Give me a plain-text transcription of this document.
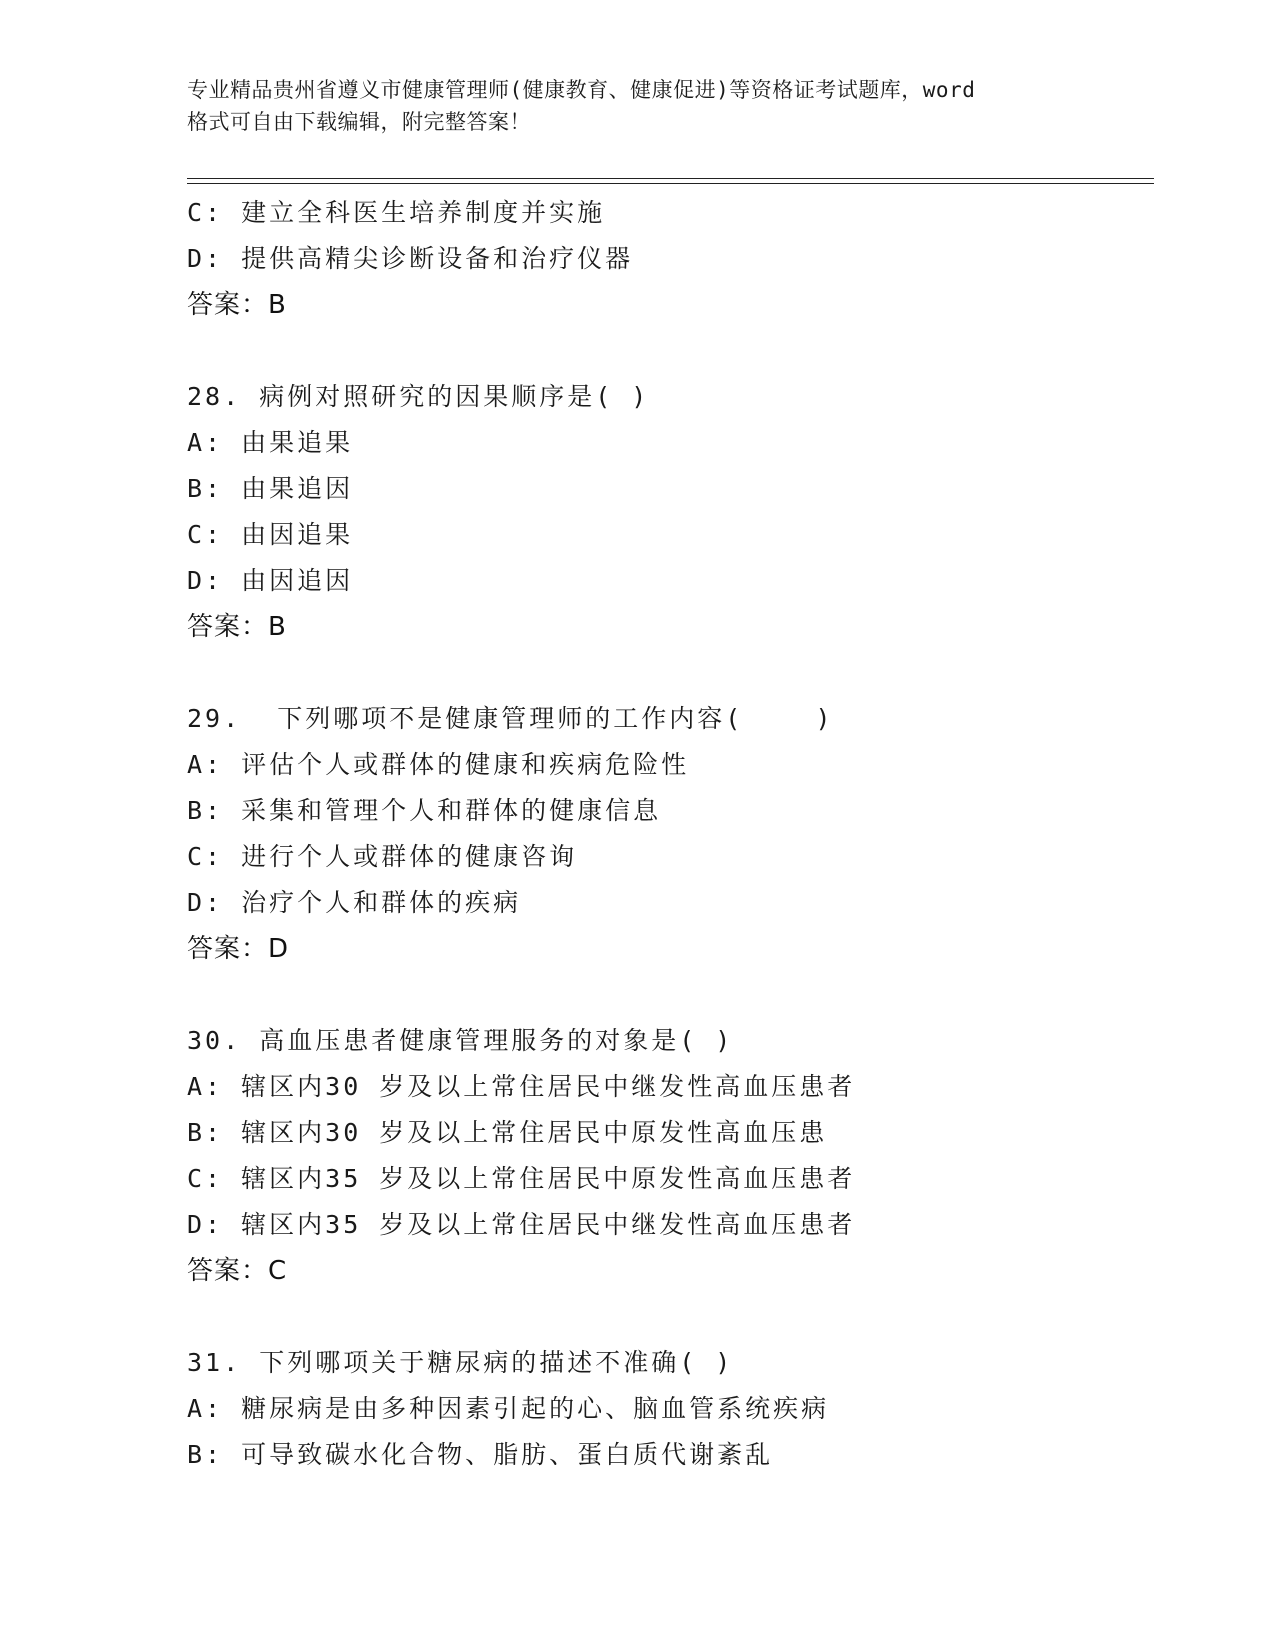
专业精品贵州省遵义市健康管理师(健康教育、健康促进)等资格证考试题库，word
格式可自由下载编辑，附完整答案！
C: 建立全科医生培养制度并实施
D: 提供高精尖诊断设备和治疗仪器
答案：B
28. 病例对照研究的因果顺序是( )
A: 由果追果
B: 由果追因
C: 由因追果
D: 由因追因
答案：B
29.  下列哪项不是健康管理师的工作内容(    )
A: 评估个人或群体的健康和疾病危险性
B: 采集和管理个人和群体的健康信息
C: 进行个人或群体的健康咨询
D: 治疗个人和群体的疾病
答案：D
30. 高血压患者健康管理服务的对象是( )
A: 辖区内30 岁及以上常住居民中继发性高血压患者
B: 辖区内30 岁及以上常住居民中原发性高血压患
C: 辖区内35 岁及以上常住居民中原发性高血压患者
D: 辖区内35 岁及以上常住居民中继发性高血压患者
答案：C
31. 下列哪项关于糖尿病的描述不准确( )
A: 糖尿病是由多种因素引起的心、脑血管系统疾病
B: 可导致碳水化合物、脂肪、蛋白质代谢紊乱
